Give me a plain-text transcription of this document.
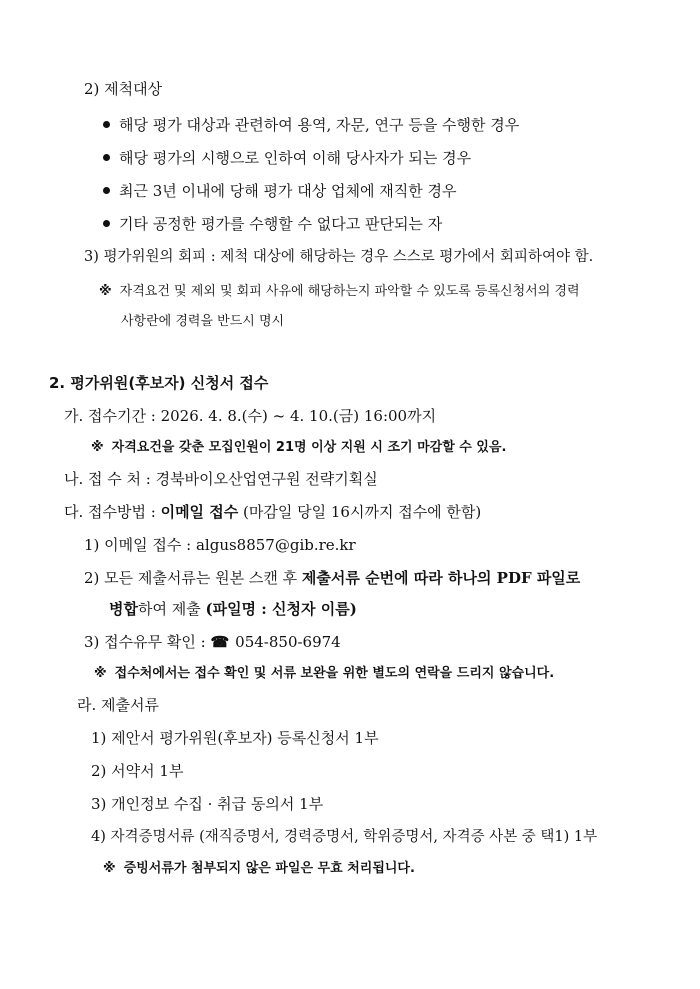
2) 제척대상
해당 평가 대상과 관련하여 용역, 자문, 연구 등을 수행한 경우
해당 평가의 시행으로 인하여 이해 당사자가 되는 경우
최근 3년 이내에 당해 평가 대상 업체에 재직한 경우
기타 공정한 평가를 수행할 수 없다고 판단되는 자
3) 평가위원의 회피 : 제척 대상에 해당하는 경우 스스로 평가에서 회피하여야 함.
※ 자격요건 및 제외 및 회피 사유에 해당하는지 파악할 수 있도록 등록신청서의 경력
사항란에 경력을 반드시 명시
2. 평가위원(후보자) 신청서 접수
가. 접수기간 : 2026. 4. 8.(수) ~ 4. 10.(금) 16:00까지
※ 자격요건을 갖춘 모집인원이 21명 이상 지원 시 조기 마감할 수 있음.
나. 접 수 처 : 경북바이오산업연구원 전략기획실
다. 접수방법 : 이메일 접수 (마감일 당일 16시까지 접수에 한함)
1) 이메일 접수 : algus8857@gib.re.kr
2) 모든 제출서류는 원본 스캔 후 제출서류 순번에 따라 하나의 PDF 파일로
병합하여 제출 (파일명 : 신청자 이름)
3) 접수유무 확인 : ☎ 054-850-6974
※ 접수처에서는 접수 확인 및 서류 보완을 위한 별도의 연락을 드리지 않습니다.
라. 제출서류
1) 제안서 평가위원(후보자) 등록신청서 1부
2) 서약서 1부
3) 개인정보 수집 · 취급 동의서 1부
4) 자격증명서류 (재직증명서, 경력증명서, 학위증명서, 자격증 사본 중 택1) 1부
※ 증빙서류가 첨부되지 않은 파일은 무효 처리됩니다.
